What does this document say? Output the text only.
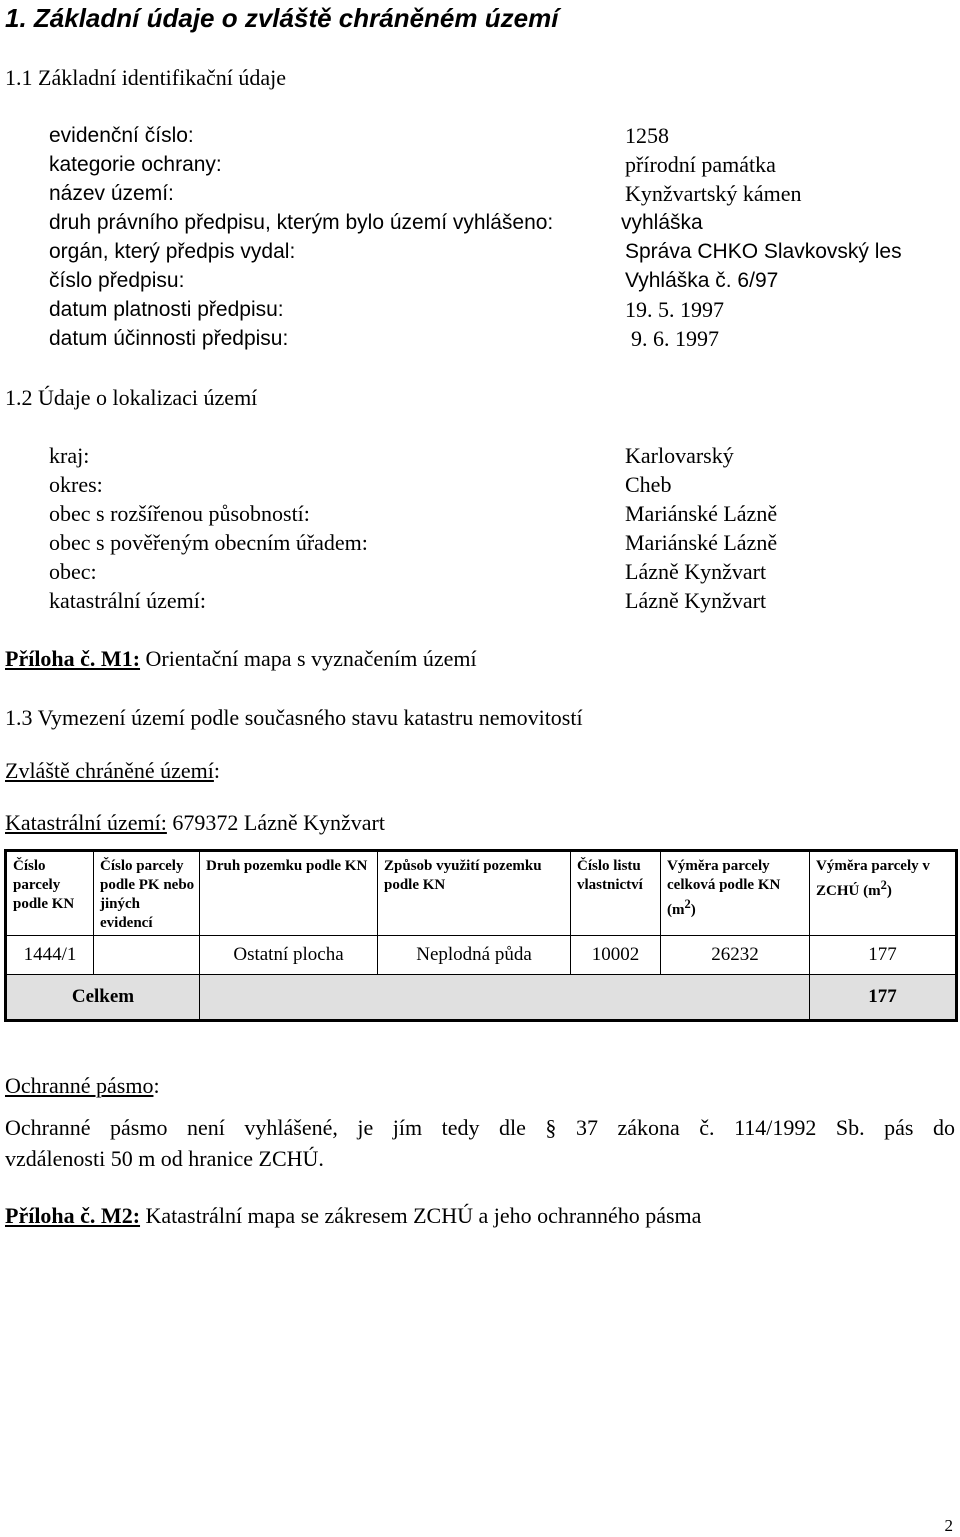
1. Základní údaje o zvláště chráněném území
1.1 Základní identifikační údaje
evidenční číslo:	1258
kategorie ochrany:	přírodní památka
název území:	Kynžvartský kámen
druh právního předpisu, kterým bylo území vyhlášeno:	vyhláška
orgán, který předpis vydal:	Správa CHKO Slavkovský les
číslo předpisu:	Vyhláška č. 6/97
datum platnosti předpisu:	19. 5. 1997
datum účinnosti předpisu:	9. 6. 1997
1.2 Údaje o lokalizaci území
kraj:	Karlovarský
okres:	Cheb
obec s rozšířenou působností:	Mariánské Lázně
obec s pověřeným obecním úřadem:	Mariánské Lázně
obec:	Lázně Kynžvart
katastrální území:	Lázně Kynžvart
Příloha č. M1: Orientační mapa s vyznačením území
1.3 Vymezení území podle současného stavu katastru nemovitostí
Zvláště chráněné území:
Katastrální území: 679372 Lázně Kynžvart
Číslo parcely podle KN	Číslo parcely podle PK nebo jiných evidencí	Druh pozemku podle KN	Způsob využití pozemku podle KN	Číslo listu vlastnictví	Výměra parcely celková podle KN $(m^2)$	Výměra parcely v ZCHÚ $(m^2)$
1444/1		Ostatní plocha	Neplodná půda	10002	26232	177
Celkem						177
Ochranné pásmo:
Ochranné pásmo není vyhlášené, je jím tedy dle § 37 zákona č. 114/1992 Sb. pás do
vzdálenosti 50 m od hranice ZCHÚ.
Příloha č. M2: Katastrální mapa se zákresem ZCHÚ a jeho ochranného pásma
2
